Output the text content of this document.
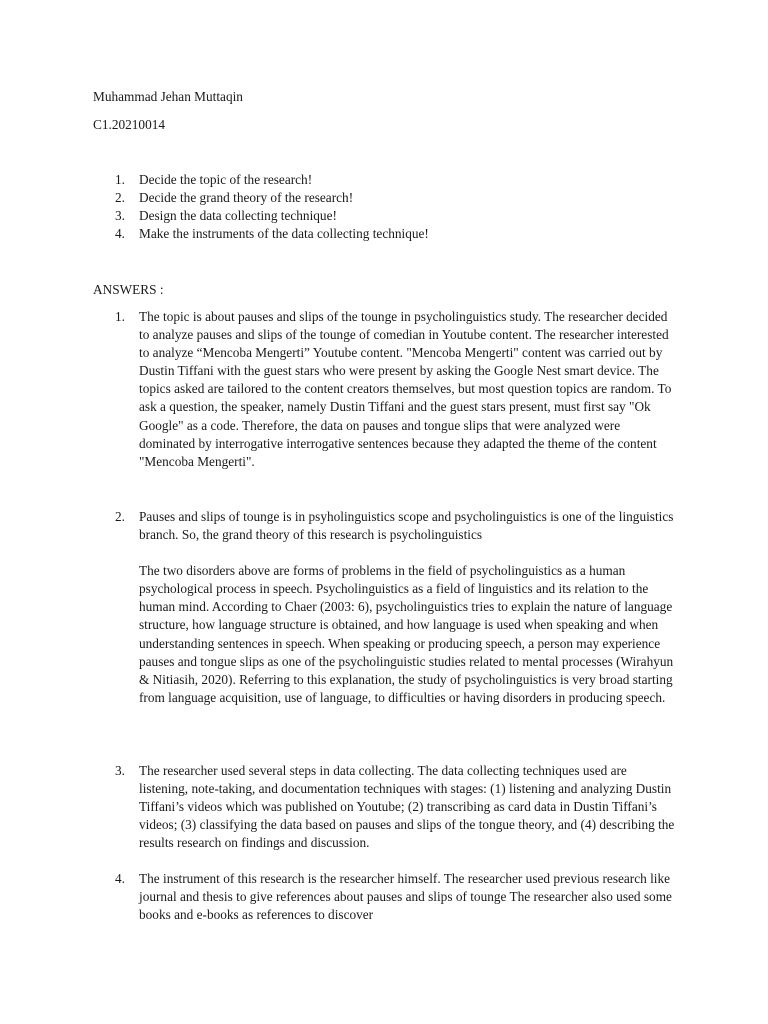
Muhammad Jehan Muttaqin
C1.20210014
1. Decide the topic of the research!
2. Decide the grand theory of the research!
3. Design the data collecting technique!
4. Make the instruments of the data collecting technique!
ANSWERS :
1.	The topic is about pauses and slips of the tounge in psycholinguistics study. The researcher decided to analyze pauses and slips of the tounge of comedian in Youtube content. The researcher interested to analyze “Mencoba Mengerti” Youtube content. "Mencoba Mengerti" content was carried out by Dustin Tiffani with the guest stars who were present by asking the Google Nest smart device. The topics asked are tailored to the content creators themselves, but most question topics are random. To ask a question, the speaker, namely Dustin Tiffani and the guest stars present, must first say "Ok Google" as a code. Therefore, the data on pauses and tongue slips that were analyzed were dominated by interrogative interrogative sentences because they adapted the theme of the content "Mencoba Mengerti".

2.	Pauses and slips of tounge is in psyholinguistics scope and psycholinguistics is one of the linguistics branch. So, the grand theory of this research is psycholinguistics

The two disorders above are forms of problems in the field of psycholinguistics as a human psychological process in speech. Psycholinguistics as a field of linguistics and its relation to the human mind. According to Chaer (2003: 6), psycholinguistics tries to explain the nature of language structure, how language structure is obtained, and how language is used when speaking and when understanding sentences in speech. When speaking or producing speech, a person may experience pauses and tongue slips as one of the psycholinguistic studies related to mental processes (Wirahyun & Nitiasih, 2020). Referring to this explanation, the study of psycholinguistics is very broad starting from language acquisition, use of language, to difficulties or having disorders in producing speech.

3.	The researcher used several steps in data collecting. The data collecting techniques used are listening, note-taking, and documentation techniques with stages: (1) listening and analyzing Dustin Tiffani’s videos which was published on Youtube; (2) transcribing as card data in Dustin Tiffani’s videos; (3) classifying the data based on pauses and slips of the tongue theory, and (4) describing the results research on findings and discussion.

4.	The instrument of this research is the researcher himself. The researcher used previous research like journal and thesis to give references about pauses and slips of tounge The researcher also used some books and e-books as references to discover
